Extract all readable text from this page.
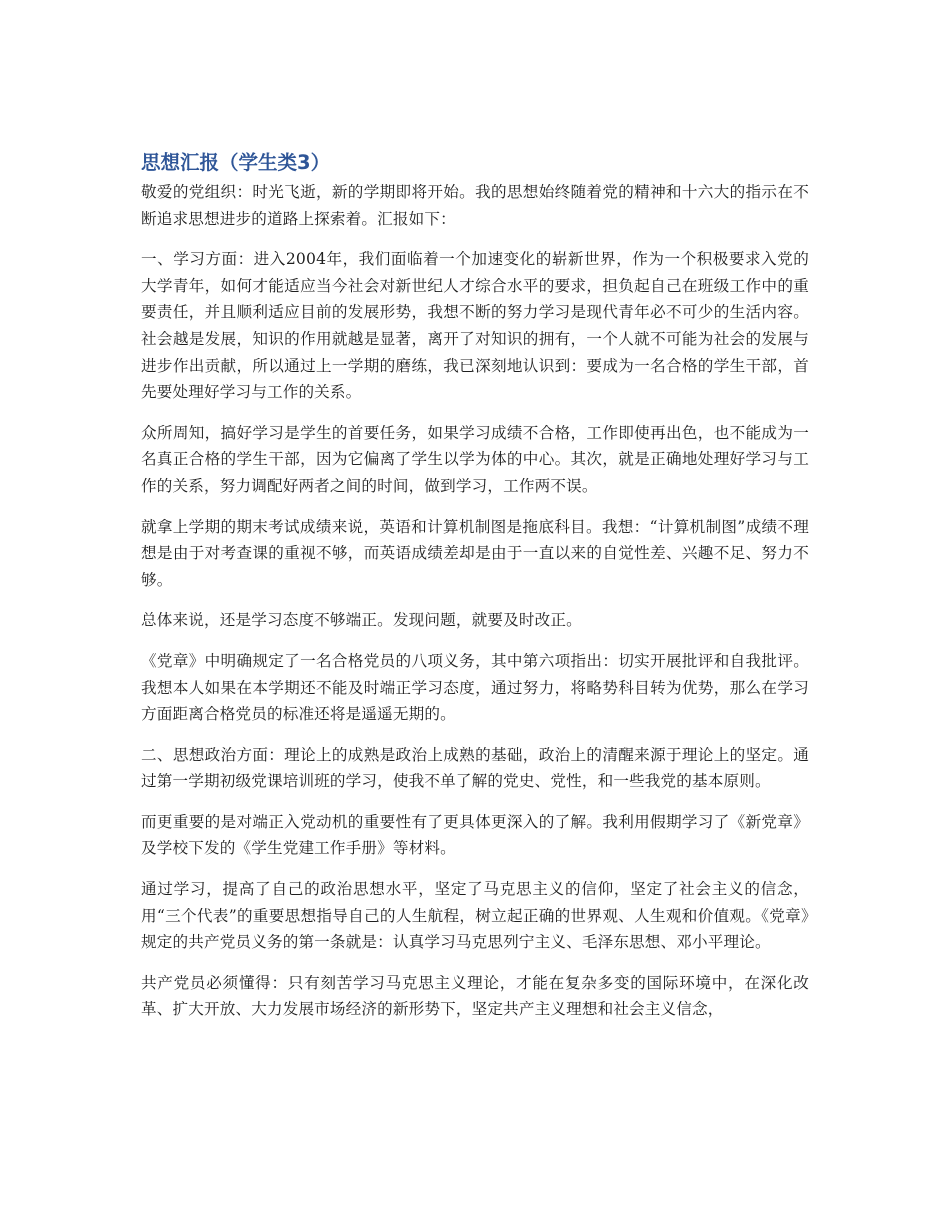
思想汇报（学生类3）

敬爱的党组织：时光飞逝，新的学期即将开始。我的思想始终随着党的精神和十六大的指示在不断追求思想进步的道路上探索着。汇报如下：

一、学习方面：进入2004年，我们面临着一个加速变化的崭新世界，作为一个积极要求入党的大学青年，如何才能适应当今社会对新世纪人才综合水平的要求，担负起自己在班级工作中的重要责任，并且顺利适应目前的发展形势，我想不断的努力学习是现代青年必不可少的生活内容。社会越是发展，知识的作用就越是显著，离开了对知识的拥有，一个人就不可能为社会的发展与进步作出贡献，所以通过上一学期的磨练，我已深刻地认识到：要成为一名合格的学生干部，首先要处理好学习与工作的关系。

众所周知，搞好学习是学生的首要任务，如果学习成绩不合格，工作即使再出色，也不能成为一名真正合格的学生干部，因为它偏离了学生以学为体的中心。其次，就是正确地处理好学习与工作的关系，努力调配好两者之间的时间，做到学习，工作两不误。

就拿上学期的期末考试成绩来说，英语和计算机制图是拖底科目。我想：“计算机制图”成绩不理想是由于对考查课的重视不够，而英语成绩差却是由于一直以来的自觉性差、兴趣不足、努力不够。

总体来说，还是学习态度不够端正。发现问题，就要及时改正。

《党章》中明确规定了一名合格党员的八项义务，其中第六项指出：切实开展批评和自我批评。我想本人如果在本学期还不能及时端正学习态度，通过努力，将略势科目转为优势，那么在学习方面距离合格党员的标准还将是遥遥无期的。

二、思想政治方面：理论上的成熟是政治上成熟的基础，政治上的清醒来源于理论上的坚定。通过第一学期初级党课培训班的学习，使我不单了解的党史、党性，和一些我党的基本原则。

而更重要的是对端正入党动机的重要性有了更具体更深入的了解。我利用假期学习了《新党章》及学校下发的《学生党建工作手册》等材料。

通过学习，提高了自己的政治思想水平，坚定了马克思主义的信仰，坚定了社会主义的信念，用“三个代表”的重要思想指导自己的人生航程，树立起正确的世界观、人生观和价值观。《党章》规定的共产党员义务的第一条就是：认真学习马克思列宁主义、毛泽东思想、邓小平理论。

共产党员必须懂得：只有刻苦学习马克思主义理论，才能在复杂多变的国际环境中，在深化改革、扩大开放、大力发展市场经济的新形势下，坚定共产主义理想和社会主义信念，
